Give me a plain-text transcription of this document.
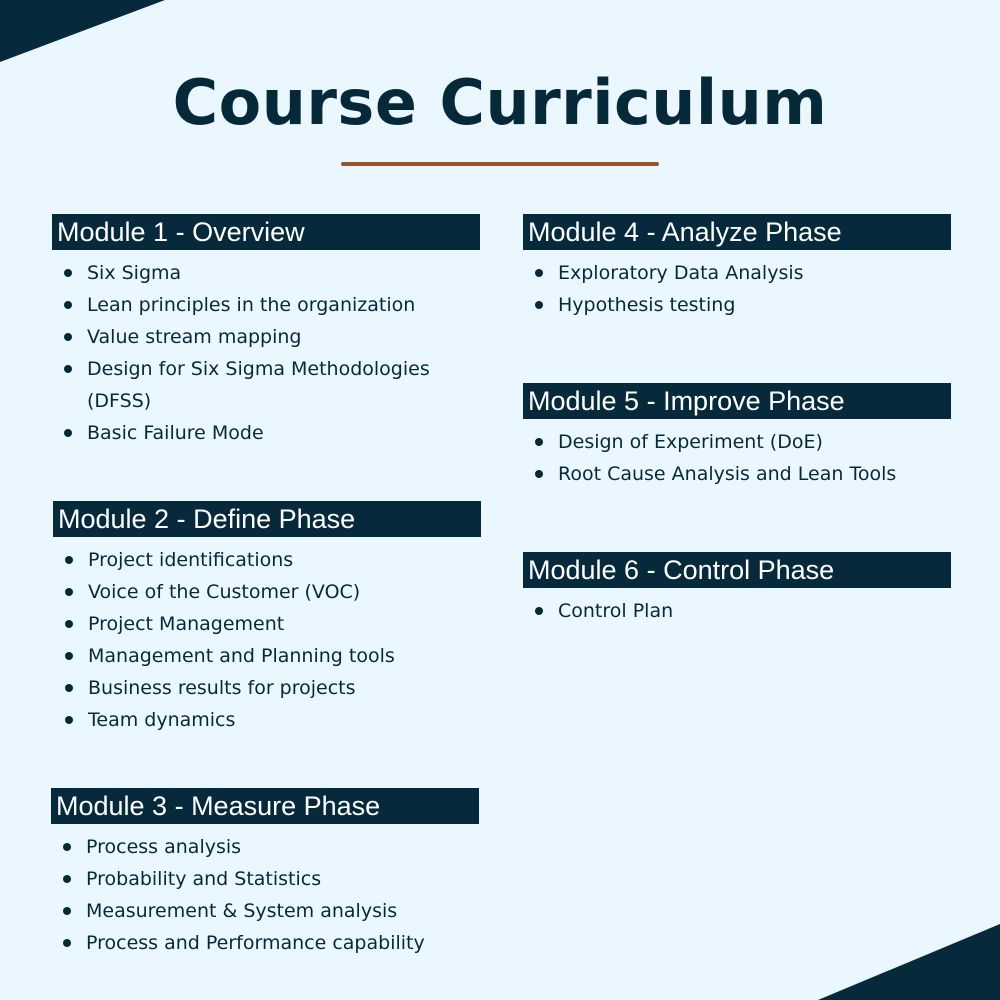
Course Curriculum
Module 1 - Overview
Six Sigma
Lean principles in the organization
Value stream mapping
Design for Six Sigma Methodologies (DFSS)
Basic Failure Mode
Module 2 - Define Phase
Project identifications
Voice of the Customer (VOC)
Project Management
Management and Planning tools
Business results for projects
Team dynamics
Module 3 - Measure Phase
Process analysis
Probability and Statistics
Measurement & System analysis
Process and Performance capability
Module 4 - Analyze Phase
Exploratory Data Analysis
Hypothesis testing
Module 5 - Improve Phase
Design of Experiment (DoE)
Root Cause Analysis and Lean Tools
Module 6 - Control Phase
Control Plan
